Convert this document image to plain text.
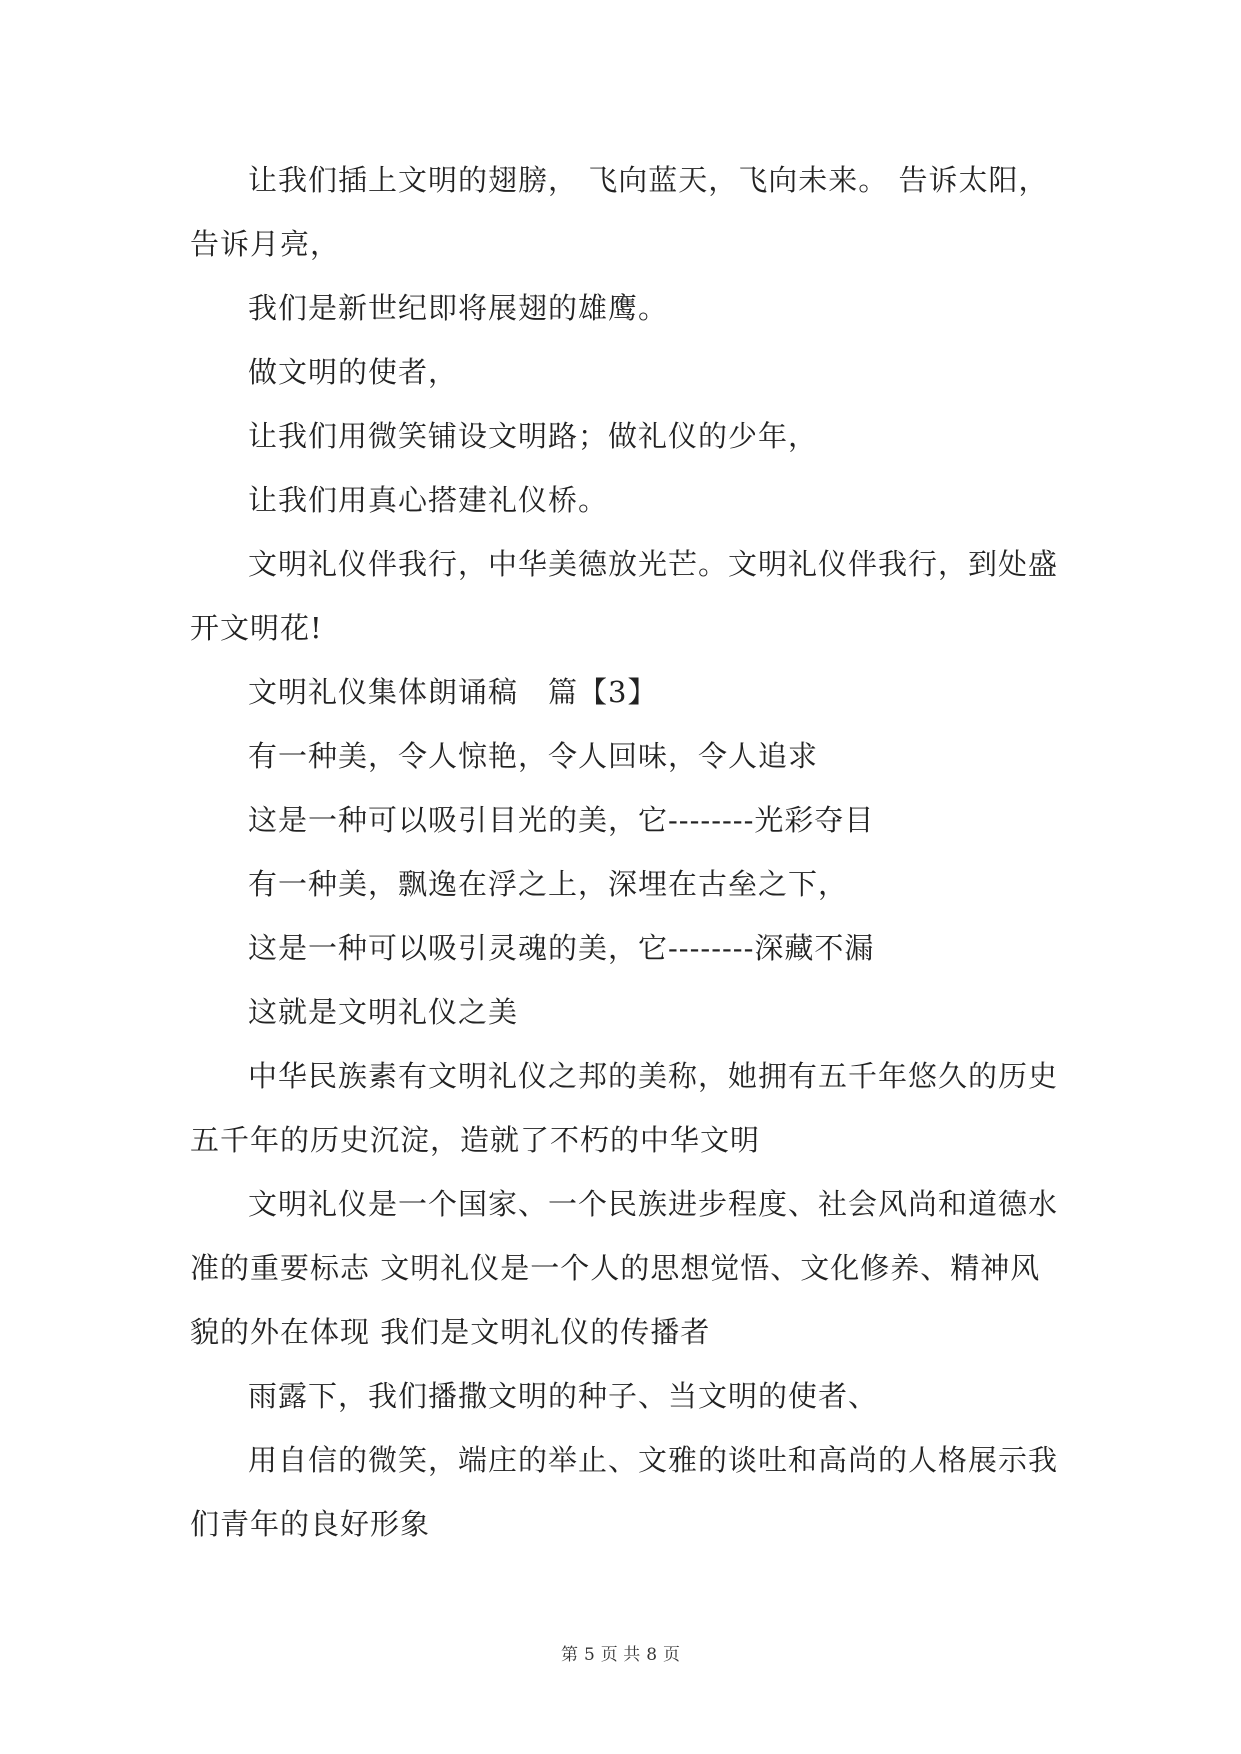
让我们插上文明的翅膀， 飞向蓝天，飞向未来。 告诉太阳，告诉月亮，

我们是新世纪即将展翅的雄鹰。

做文明的使者，

让我们用微笑铺设文明路；做礼仪的少年，

让我们用真心搭建礼仪桥。

文明礼仪伴我行，中华美德放光芒。文明礼仪伴我行，到处盛开文明花!

文明礼仪集体朗诵稿　篇【3】

有一种美，令人惊艳，令人回味，令人追求

这是一种可以吸引目光的美，它--------光彩夺目

有一种美，飘逸在浮之上，深埋在古垒之下，

这是一种可以吸引灵魂的美，它--------深藏不漏

这就是文明礼仪之美

中华民族素有文明礼仪之邦的美称，她拥有五千年悠久的历史五千年的历史沉淀，造就了不朽的中华文明

文明礼仪是一个国家、一个民族进步程度、社会风尚和道德水准的重要标志 文明礼仪是一个人的思想觉悟、文化修养、精神风貌的外在体现 我们是文明礼仪的传播者

雨露下，我们播撒文明的种子、当文明的使者、

用自信的微笑，端庄的举止、文雅的谈吐和高尚的人格展示我们青年的良好形象

第 5 页 共 8 页
